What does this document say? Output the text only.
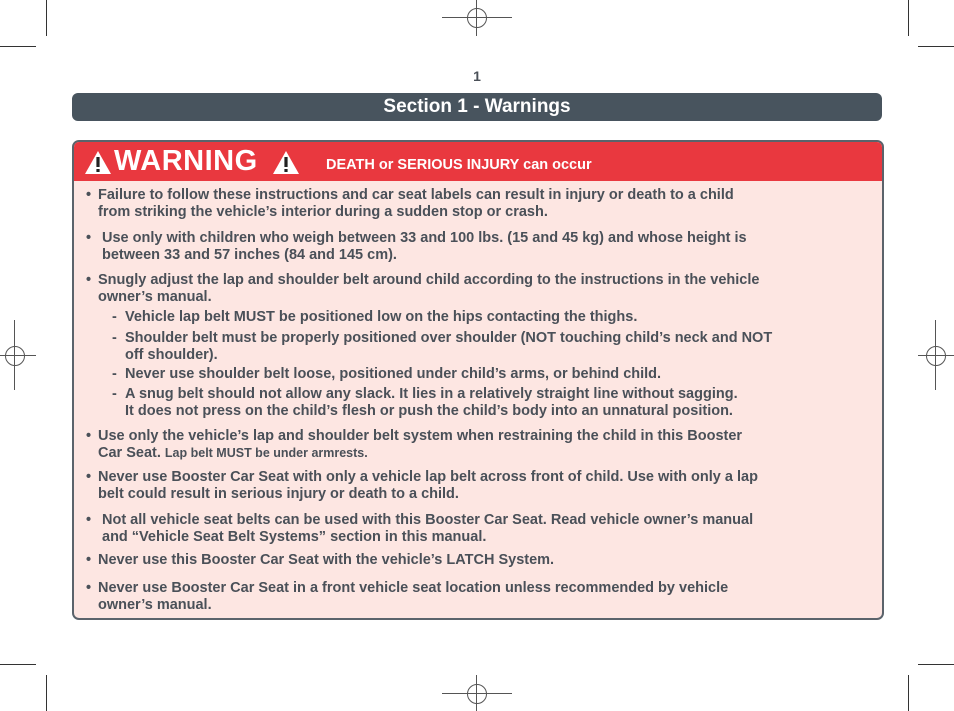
1
Section 1 - Warnings
WARNING	DEATH or SERIOUS INJURY can occur
• Failure to follow these instructions and car seat labels can result in injury or death to a child
from striking the vehicle’s interior during a sudden stop or crash.
• Use only with children who weigh between 33 and 100 lbs. (15 and 45 kg) and whose height is
between 33 and 57 inches (84 and 145 cm).
• Snugly adjust the lap and shoulder belt around child according to the instructions in the vehicle
owner’s manual.
- Vehicle lap belt MUST be positioned low on the hips contacting the thighs.
- Shoulder belt must be properly positioned over shoulder (NOT touching child’s neck and NOT
off shoulder).
- Never use shoulder belt loose, positioned under child’s arms, or behind child.
- A snug belt should not allow any slack. It lies in a relatively straight line without sagging.
It does not press on the child’s flesh or push the child’s body into an unnatural position.
• Use only the vehicle’s lap and shoulder belt system when restraining the child in this Booster
Car Seat. Lap belt MUST be under armrests.
• Never use Booster Car Seat with only a vehicle lap belt across front of child. Use with only a lap
belt could result in serious injury or death to a child.
• Not all vehicle seat belts can be used with this Booster Car Seat. Read vehicle owner’s manual
and “Vehicle Seat Belt Systems” section in this manual.
• Never use this Booster Car Seat with the vehicle’s LATCH System.
• Never use Booster Car Seat in a front vehicle seat location unless recommended by vehicle
owner’s manual.
